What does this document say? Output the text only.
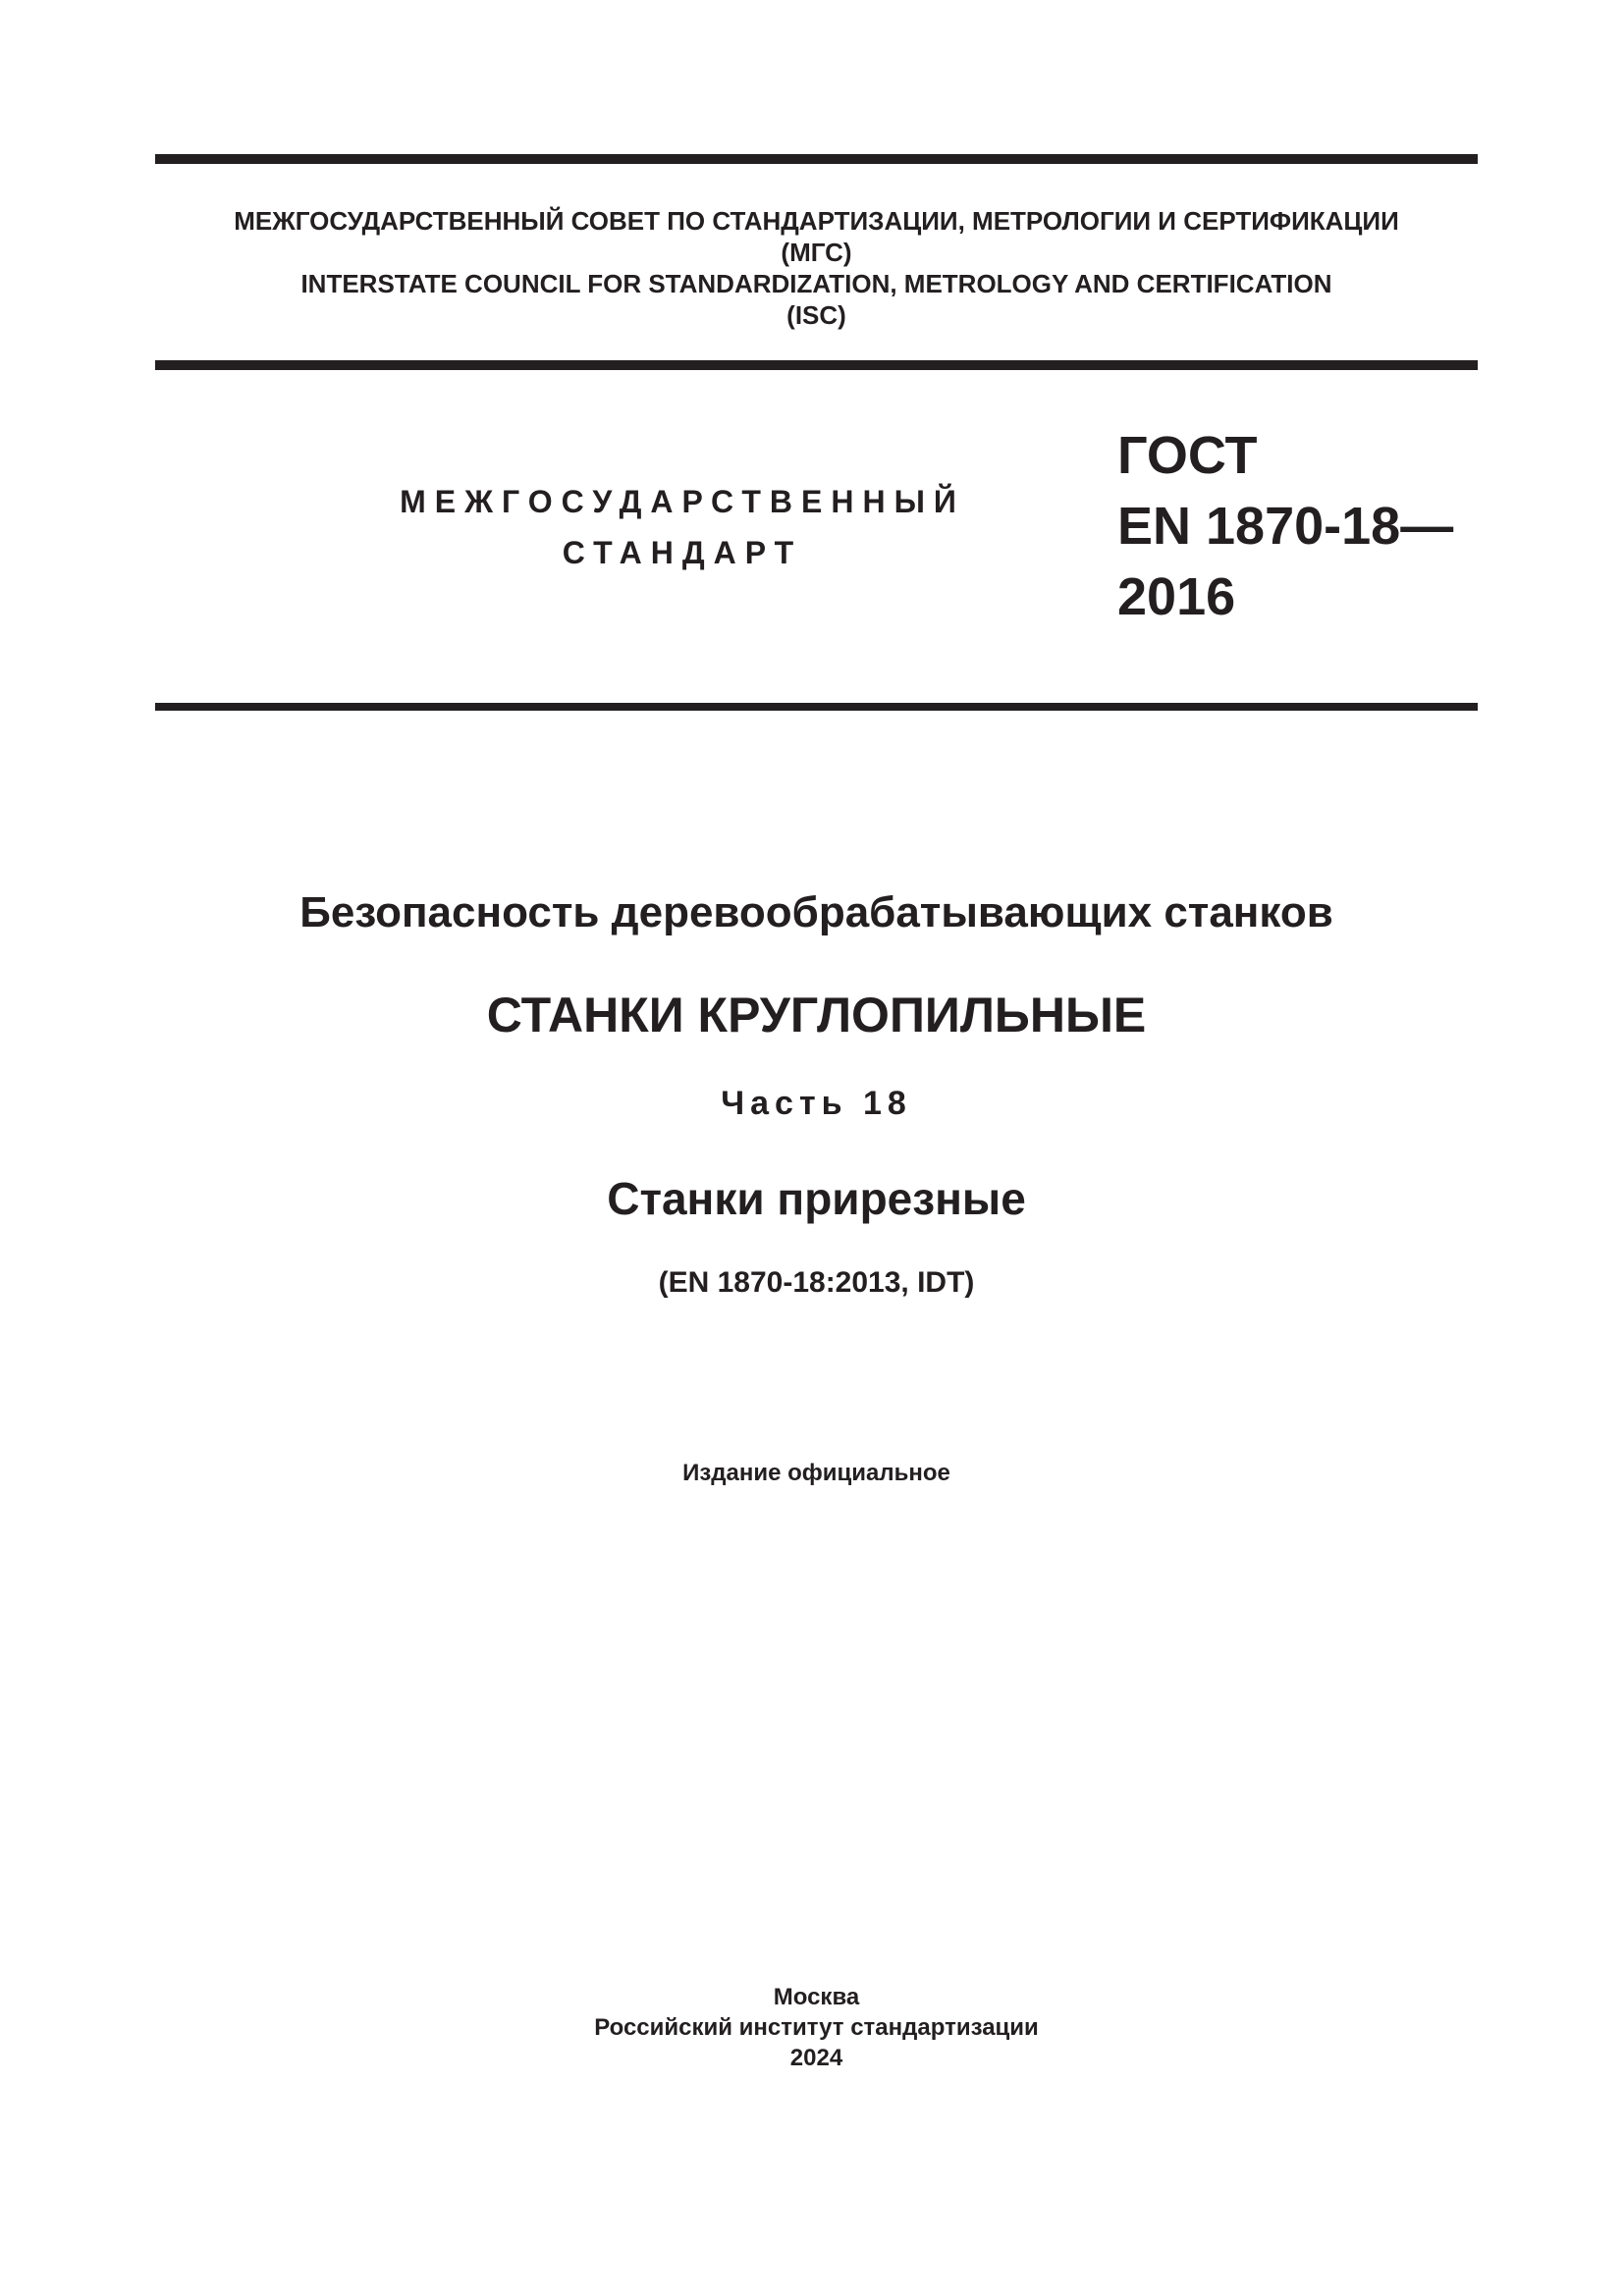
МЕЖГОСУДАРСТВЕННЫЙ СОВЕТ ПО СТАНДАРТИЗАЦИИ, МЕТРОЛОГИИ И СЕРТИФИКАЦИИ
(МГС)
INTERSTATE COUNCIL FOR STANDARDIZATION, METROLOGY AND CERTIFICATION
(ISC)
МЕЖГОСУДАРСТВЕННЫЙ
СТАНДАРТ
ГОСТ
EN 1870-18—
2016
Безопасность деревообрабатывающих станков
СТАНКИ КРУГЛОПИЛЬНЫЕ
Часть 18
Станки прирезные
(EN 1870-18:2013, IDT)
Издание официальное
Москва
Российский институт стандартизации
2024
